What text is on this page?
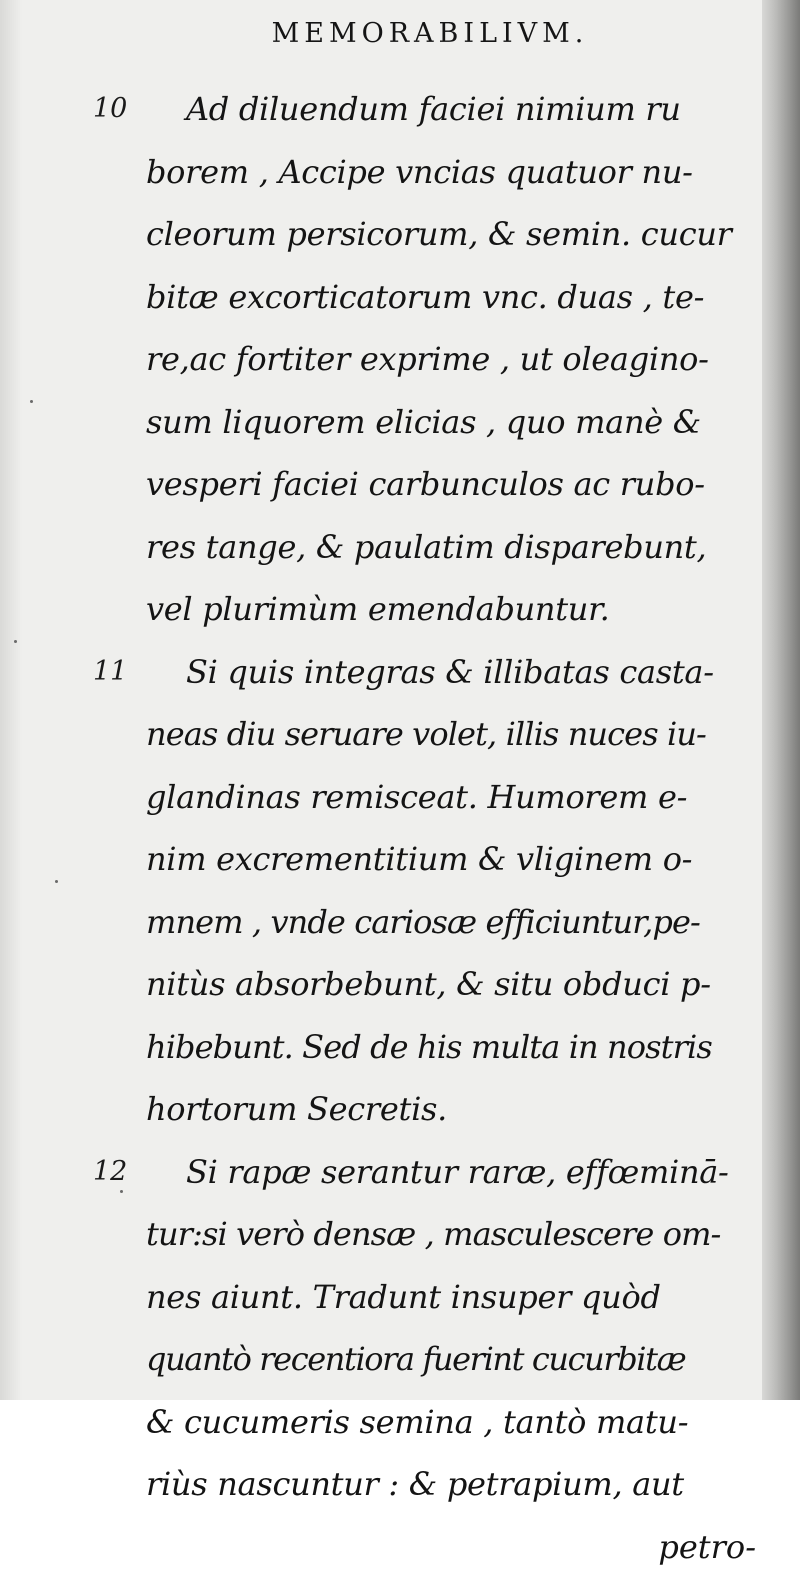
MEMORABILIVM.
10	Ad diluendum faciei nimium ru
borem , Accipe vncias quatuor nu-
cleorum persicorum, & semin. cucur
bitæ excorticatorum vnc. duas , te-
re,ac fortiter exprime , ut oleagino-
sum liquorem elicias , quo manè &
vesperi faciei carbunculos ac rubo-
res tange, & paulatim disparebunt,
vel plurimùm emendabuntur.
11	Si quis integras & illibatas casta-
neas diu seruare volet, illis nuces iu-
glandinas remisceat. Humorem e-
nim excrementitium & vliginem o-
mnem , vnde cariosæ efficiuntur,pe-
nitùs absorbebunt, & situ obduci p-
hibebunt. Sed de his multa in nostris
hortorum Secretis.
12	Si rapæ serantur raræ, effœminā-
tur:si verò densæ , masculescere om-
nes aiunt. Tradunt insuper quòd
quantò recentiora fuerint cucurbitæ
& cucumeris semina , tantò matu-
riùs nascuntur : & petrapium, aut
petro-
